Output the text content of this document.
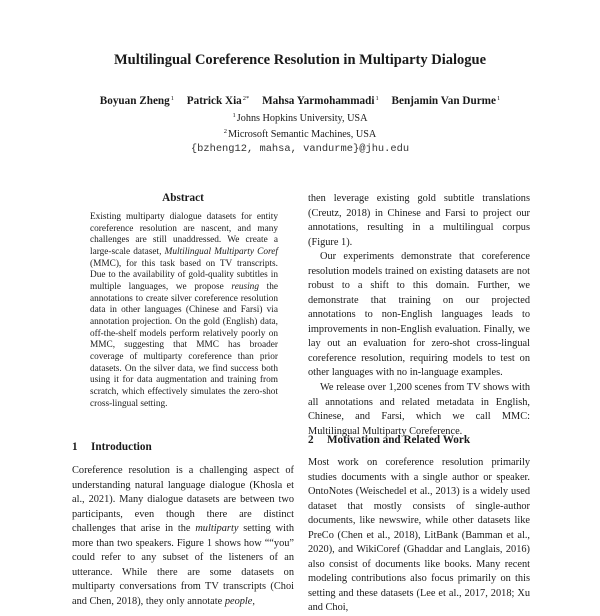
Multilingual Coreference Resolution in Multiparty Dialogue
Boyuan Zheng$^1$ Patrick Xia$^{2*}$ Mahsa Yarmohammadi$^1$ Benjamin Van Durme$^1$
$^1$Johns Hopkins University, USA
$^2$Microsoft Semantic Machines, USA
{bzheng12, mahsa, vandurme}@jhu.edu
Abstract
Existing multiparty dialogue datasets for entity coreference resolution are nascent, and many challenges are still unaddressed. We create a large-scale dataset, Multilingual Multiparty Coref (MMC), for this task based on TV transcripts. Due to the availability of gold-quality subtitles in multiple languages, we propose reusing the annotations to create silver coreference resolution data in other languages (Chinese and Farsi) via annotation projection. On the gold (English) data, off-the-shelf models perform relatively poorly on MMC, suggesting that MMC has broader coverage of multiparty coreference than prior datasets. On the silver data, we find success both using it for data augmentation and training from scratch, which effectively simulates the zero-shot cross-lingual setting.
1 Introduction
Coreference resolution is a challenging aspect of understanding natural language dialogue (Khosla et al., 2021). Many dialogue datasets are between two participants, even though there are distinct challenges that arise in the multiparty setting with more than two speakers. Figure 1 shows how ““you” could refer to any subset of the listeners of an utterance. While there are some datasets on multiparty conversations from TV transcripts (Choi and Chen, 2018), they only annotate people,
then leverage existing gold subtitle translations (Creutz, 2018) in Chinese and Farsi to project our annotations, resulting in a multilingual corpus (Figure 1).
Our experiments demonstrate that coreference resolution models trained on existing datasets are not robust to a shift to this domain. Further, we demonstrate that training on our projected annotations to non-English languages leads to improvements in non-English evaluation. Finally, we lay out an evaluation for zero-shot cross-lingual coreference resolution, requiring models to test on other languages with no in-language examples.
We release over 1,200 scenes from TV shows with all annotations and related metadata in English, Chinese, and Farsi, which we call MMC: Multilingual Multiparty Coreference.
2 Motivation and Related Work
Most work on coreference resolution primarily studies documents with a single author or speaker. OntoNotes (Weischedel et al., 2013) is a widely used dataset that mostly consists of single-author documents, like newswire, while other datasets like PreCo (Chen et al., 2018), LitBank (Bamman et al., 2020), and WikiCoref (Ghaddar and Langlais, 2016) also consist of documents like books. Many recent modeling contributions also focus primarily on this setting and these datasets (Lee et al., 2017, 2018; Xu and Choi,
